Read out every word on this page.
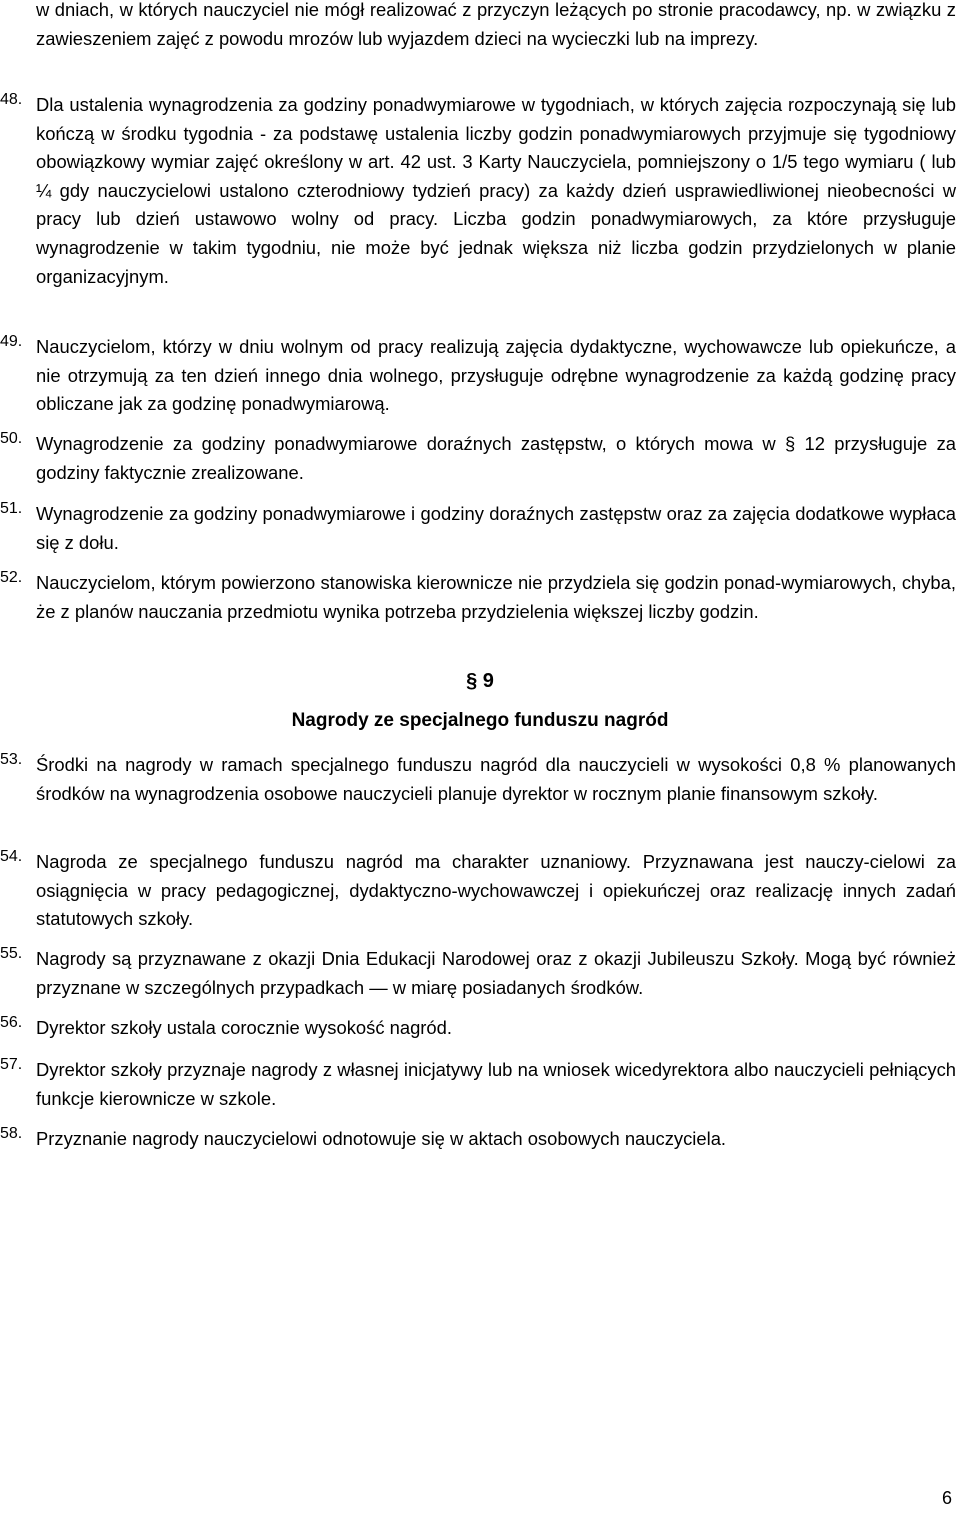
w dniach, w których nauczyciel nie mógł realizować z przyczyn leżących po stronie pracodawcy, np. w związku z zawieszeniem zajęć z powodu mrozów lub wyjazdem dzieci na wycieczki lub na imprezy.

48. Dla ustalenia wynagrodzenia za godziny ponadwymiarowe w tygodniach, w których zajęcia rozpoczynają się lub kończą w środku tygodnia - za podstawę ustalenia liczby godzin ponadwymiarowych przyjmuje się tygodniowy obowiązkowy wymiar zajęć określony w art. 42 ust. 3 Karty Nauczyciela, pomniejszony o 1/5 tego wymiaru ( lub ¼ gdy nauczycielowi ustalono czterodniowy tydzień pracy) za każdy dzień usprawiedliwionej nieobecności w pracy lub dzień ustawowo wolny od pracy. Liczba godzin ponadwymiarowych, za które przysługuje wynagrodzenie w takim tygodniu, nie może być jednak większa niż liczba godzin przydzielonych w planie organizacyjnym.

49. Nauczycielom, którzy w dniu wolnym od pracy realizują zajęcia dydaktyczne, wychowawcze lub opiekuńcze, a nie otrzymują za ten dzień innego dnia wolnego, przysługuje odrębne wynagrodzenie za każdą godzinę pracy obliczane jak za godzinę ponadwymiarową.

50. Wynagrodzenie za godziny ponadwymiarowe doraźnych zastępstw, o których mowa w § 12 przysługuje za godziny faktycznie zrealizowane.

51. Wynagrodzenie za godziny ponadwymiarowe i godziny doraźnych zastępstw oraz za zajęcia dodatkowe wypłaca się z dołu.

52. Nauczycielom, którym powierzono stanowiska kierownicze nie przydziela się godzin ponad-wymiarowych, chyba, że z planów nauczania przedmiotu wynika potrzeba przydzielenia większej liczby godzin.

§ 9

Nagrody ze specjalnego funduszu nagród

53. Środki na nagrody w ramach specjalnego funduszu nagród dla nauczycieli w wysokości 0,8 % planowanych środków na wynagrodzenia osobowe nauczycieli planuje dyrektor w rocznym planie finansowym szkoły.

54. Nagroda ze specjalnego funduszu nagród ma charakter uznaniowy. Przyznawana jest nauczy-cielowi za osiągnięcia w pracy pedagogicznej, dydaktyczno-wychowawczej i opiekuńczej oraz realizację innych zadań statutowych szkoły.

55. Nagrody są przyznawane z okazji Dnia Edukacji Narodowej oraz z okazji Jubileuszu Szkoły. Mogą być również przyznane w szczególnych przypadkach — w miarę posiadanych środków.

56. Dyrektor szkoły ustala corocznie wysokość nagród.

57. Dyrektor szkoły przyznaje nagrody z własnej inicjatywy lub na wniosek wicedyrektora albo nauczycieli pełniących funkcje kierownicze w szkole.

58. Przyznanie nagrody nauczycielowi odnotowuje się w aktach osobowych nauczyciela.

6
